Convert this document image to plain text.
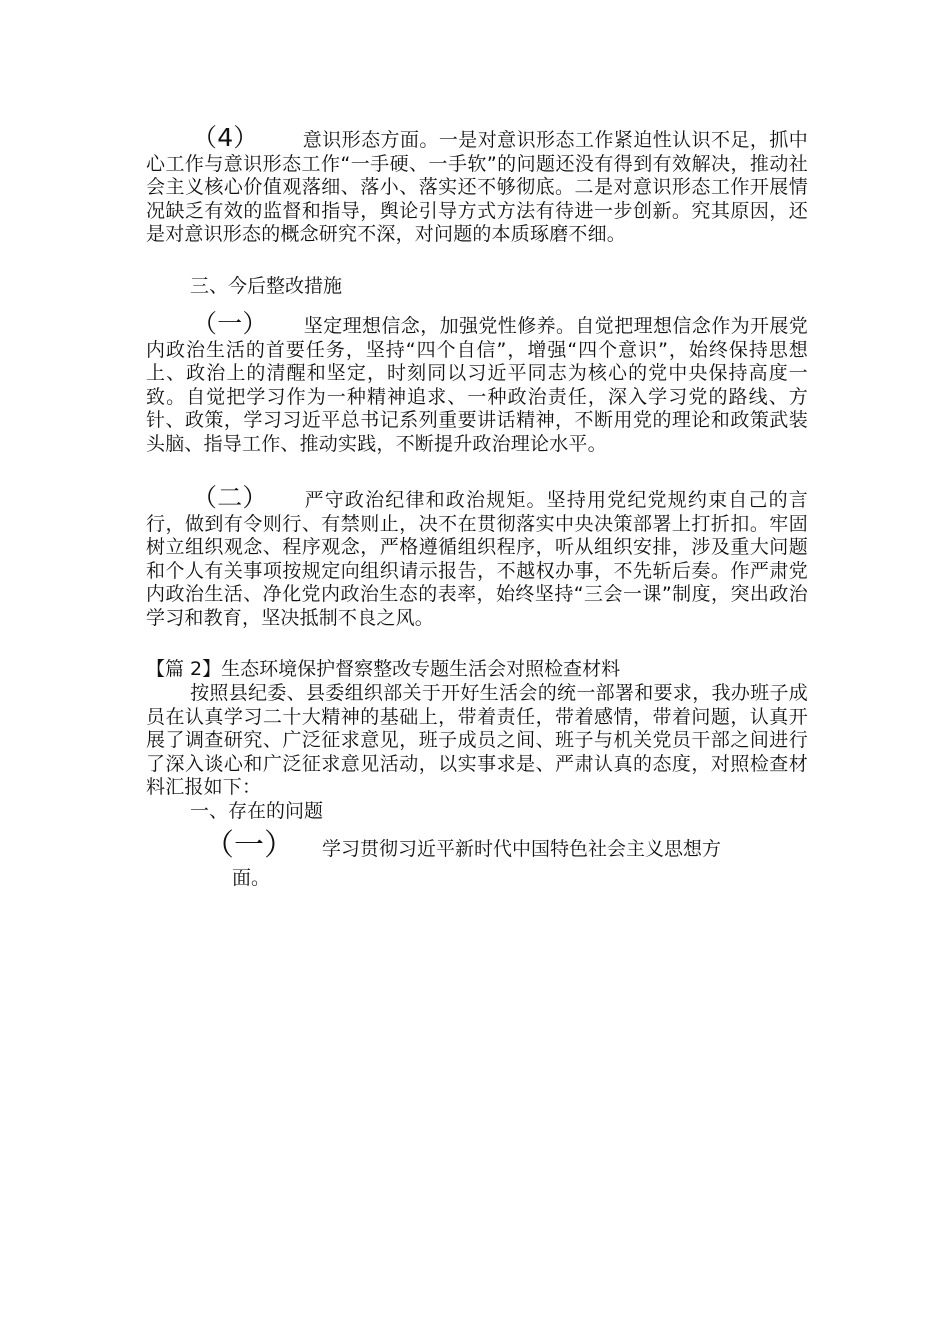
（4） 意识形态方面。一是对意识形态工作紧迫性认识不足，抓中心工作与意识形态工作“一手硬、一手软”的问题还没有得到有效解决，推动社会主义核心价值观落细、落小、落实还不够彻底。二是对意识形态工作开展情况缺乏有效的监督和指导，舆论引导方式方法有待进一步创新。究其原因，还是对意识形态的概念研究不深，对问题的本质琢磨不细。

三、今后整改措施

（一） 坚定理想信念，加强党性修养。自觉把理想信念作为开展党内政治生活的首要任务，坚持“四个自信”，增强“四个意识”，始终保持思想上、政治上的清醒和坚定，时刻同以习近平同志为核心的党中央保持高度一致。自觉把学习作为一种精神追求、一种政治责任，深入学习党的路线、方针、政策，学习习近平总书记系列重要讲话精神，不断用党的理论和政策武装头脑、指导工作、推动实践，不断提升政治理论水平。

（二） 严守政治纪律和政治规矩。坚持用党纪党规约束自己的言行，做到有令则行、有禁则止，决不在贯彻落实中央决策部署上打折扣。牢固树立组织观念、程序观念，严格遵循组织程序，听从组织安排，涉及重大问题和个人有关事项按规定向组织请示报告，不越权办事，不先斩后奏。作严肃党内政治生活、净化党内政治生态的表率，始终坚持“三会一课”制度，突出政治学习和教育，坚决抵制不良之风。

【篇 2】生态环境保护督察整改专题生活会对照检查材料

按照县纪委、县委组织部关于开好生活会的统一部署和要求，我办班子成员在认真学习二十大精神的基础上，带着责任，带着感情，带着问题，认真开展了调查研究、广泛征求意见，班子成员之间、班子与机关党员干部之间进行了深入谈心和广泛征求意见活动，以实事求是、严肃认真的态度，对照检查材料汇报如下：

一、存在的问题

（一） 学习贯彻习近平新时代中国特色社会主义思想方
面。
